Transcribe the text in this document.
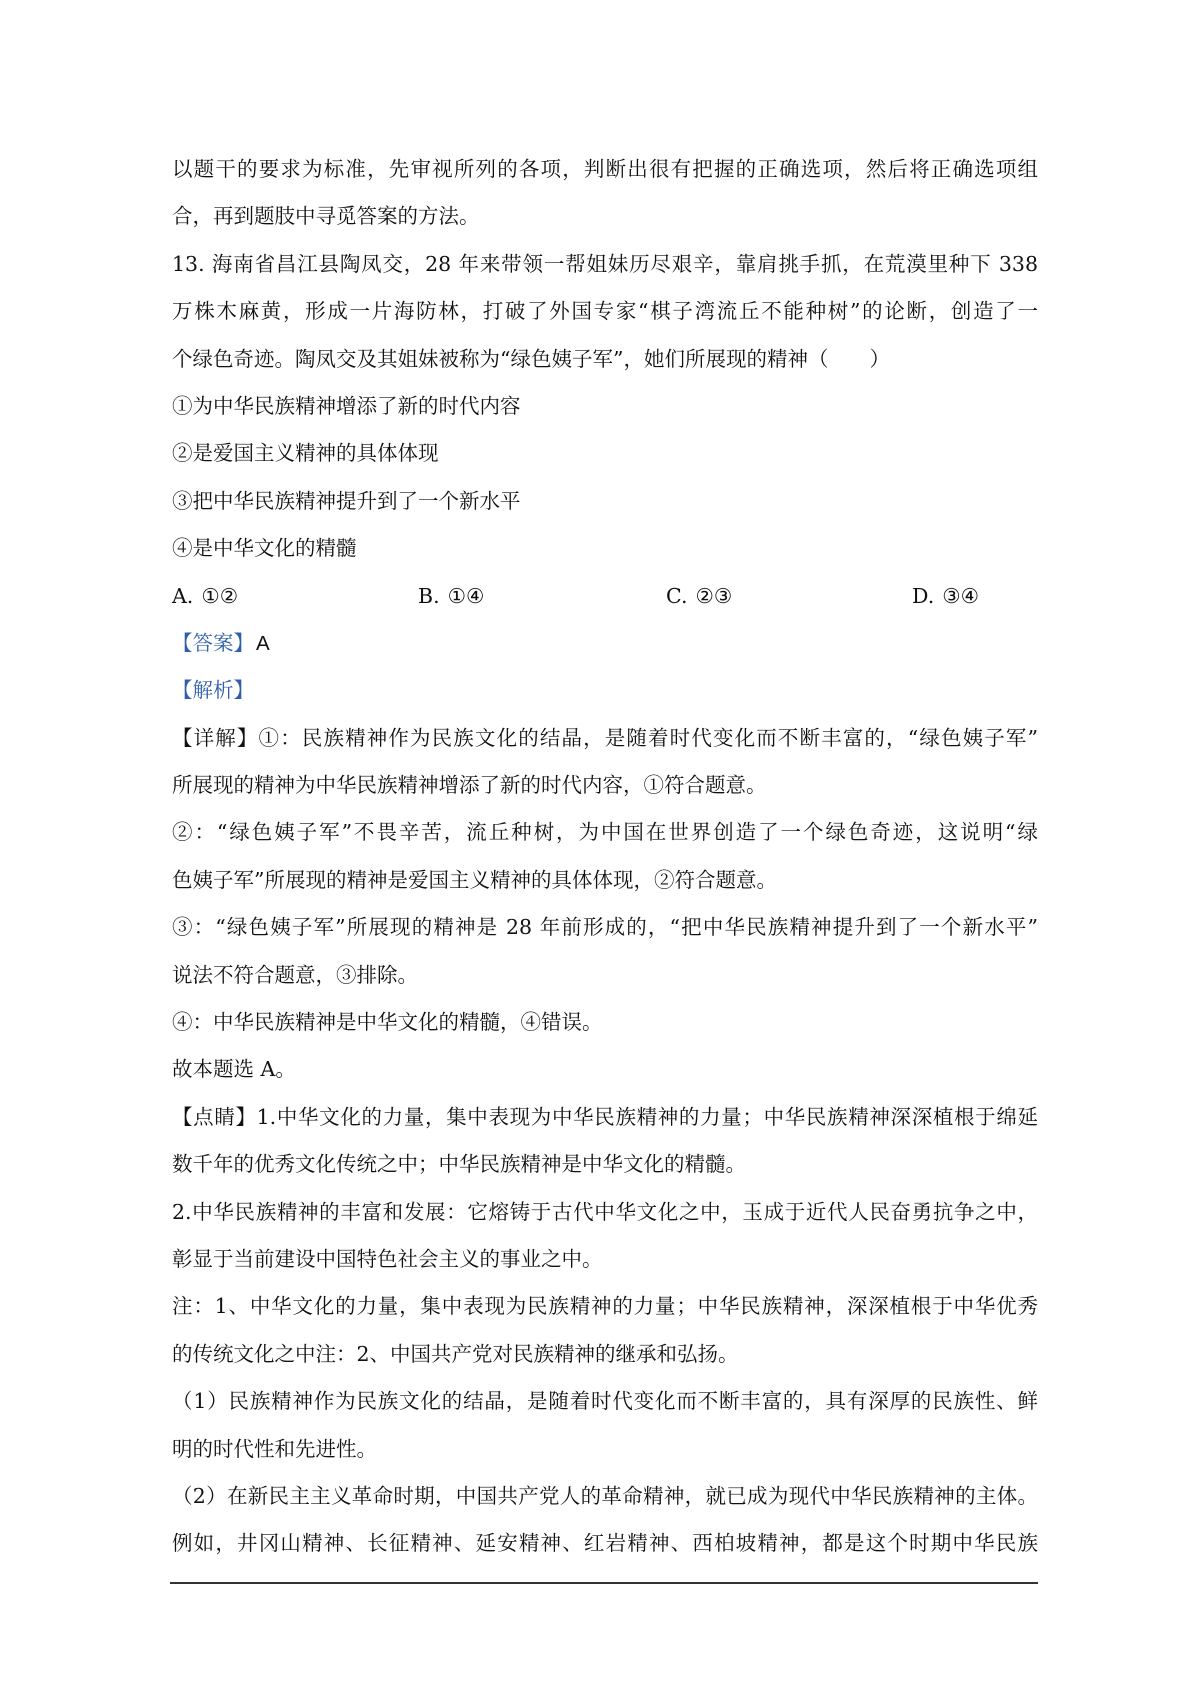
以题干的要求为标准，先审视所列的各项，判断出很有把握的正确选项，然后将正确选项组
合，再到题肢中寻觅答案的方法。
13. 海南省昌江县陶凤交，28 年来带领一帮姐妹历尽艰辛，靠肩挑手抓，在荒漠里种下 338
万株木麻黄，形成一片海防林，打破了外国专家“棋子湾流丘不能种树”的论断，创造了一
个绿色奇迹。陶凤交及其姐妹被称为“绿色姨子军”，她们所展现的精神（　　）
①为中华民族精神增添了新的时代内容
②是爱国主义精神的具体体现
③把中华民族精神提升到了一个新水平
④是中华文化的精髓
A. ①②	B. ①④	C. ②③	D. ③④
【答案】A
【解析】
【详解】①：民族精神作为民族文化的结晶，是随着时代变化而不断丰富的，“绿色姨子军”
所展现的精神为中华民族精神增添了新的时代内容，①符合题意。
②：“绿色姨子军”不畏辛苦，流丘种树，为中国在世界创造了一个绿色奇迹，这说明“绿
色姨子军”所展现的精神是爱国主义精神的具体体现，②符合题意。
③：“绿色姨子军”所展现的精神是 28 年前形成的，“把中华民族精神提升到了一个新水平”
说法不符合题意，③排除。
④：中华民族精神是中华文化的精髓，④错误。
故本题选 A。
【点睛】1.中华文化的力量，集中表现为中华民族精神的力量；中华民族精神深深植根于绵延
数千年的优秀文化传统之中；中华民族精神是中华文化的精髓。
2.中华民族精神的丰富和发展：它熔铸于古代中华文化之中，玉成于近代人民奋勇抗争之中，
彰显于当前建设中国特色社会主义的事业之中。
注：1、中华文化的力量，集中表现为民族精神的力量；中华民族精神，深深植根于中华优秀
的传统文化之中注：2、中国共产党对民族精神的继承和弘扬。
（1）民族精神作为民族文化的结晶，是随着时代变化而不断丰富的，具有深厚的民族性、鲜
明的时代性和先进性。
（2）在新民主主义革命时期，中国共产党人的革命精神，就已成为现代中华民族精神的主体。
例如，井冈山精神、长征精神、延安精神、红岩精神、西柏坡精神，都是这个时期中华民族
